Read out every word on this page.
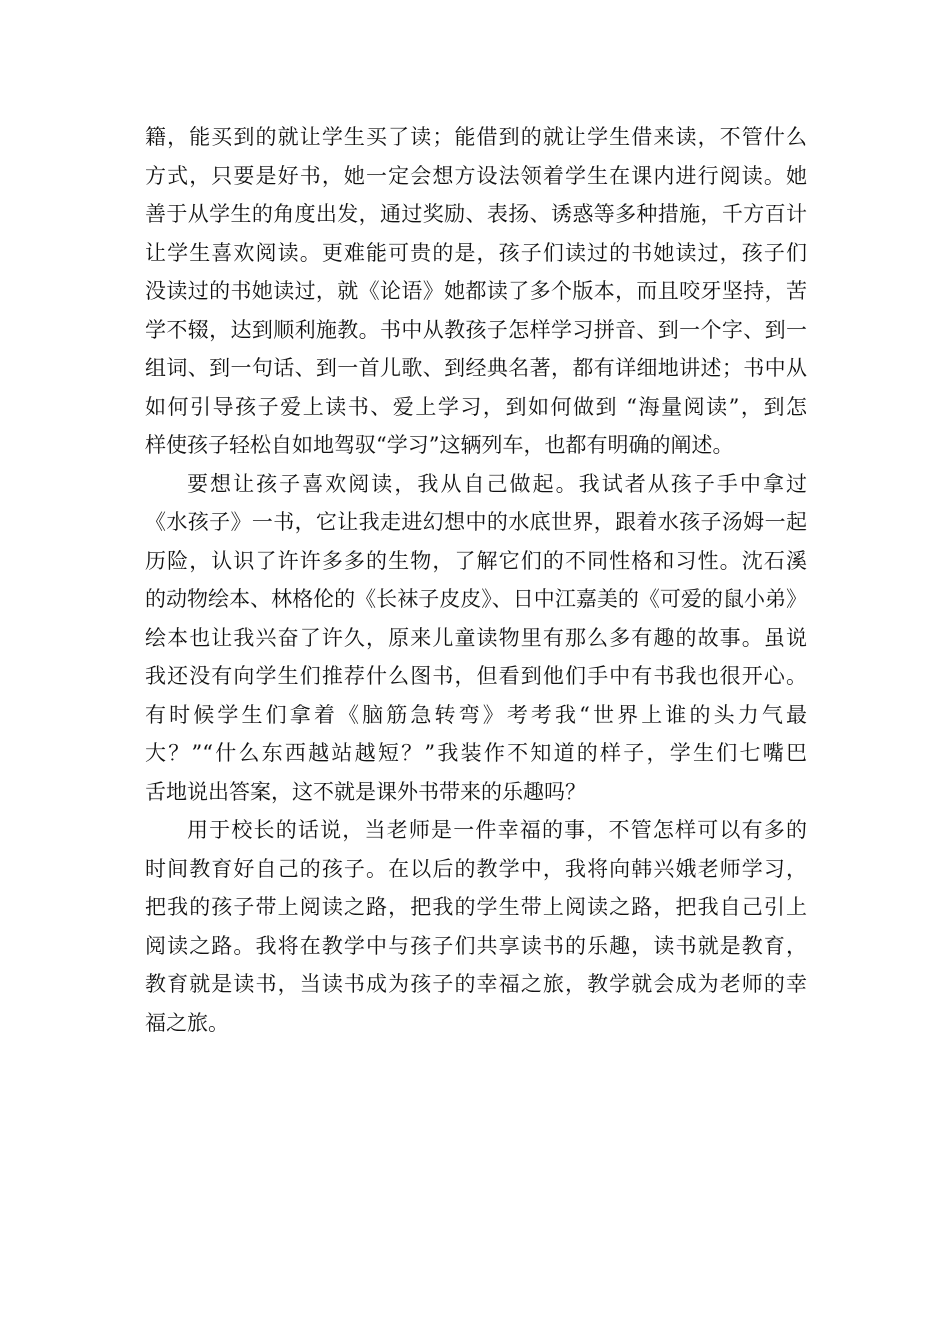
籍，能买到的就让学生买了读；能借到的就让学生借来读，不管什么
方式，只要是好书，她一定会想方设法领着学生在课内进行阅读。她
善于从学生的角度出发，通过奖励、表扬、诱惑等多种措施，千方百计
让学生喜欢阅读。更难能可贵的是，孩子们读过的书她读过，孩子们
没读过的书她读过，就《论语》她都读了多个版本，而且咬牙坚持，苦
学不辍，达到顺利施教。书中从教孩子怎样学习拼音、到一个字、到一
组词、到一句话、到一首儿歌、到经典名著，都有详细地讲述；书中从
如何引导孩子爱上读书、爱上学习，到如何做到 “海量阅读”，到怎
样使孩子轻松自如地驾驭“学习”这辆列车，也都有明确的阐述。
要想让孩子喜欢阅读，我从自己做起。我试者从孩子手中拿过
《水孩子》一书，它让我走进幻想中的水底世界，跟着水孩子汤姆一起
历险，认识了许许多多的生物，了解它们的不同性格和习性。沈石溪
的动物绘本、林格伦的《长袜子皮皮》、日中江嘉美的《可爱的鼠小弟》
绘本也让我兴奋了许久，原来儿童读物里有那么多有趣的故事。虽说
我还没有向学生们推荐什么图书，但看到他们手中有书我也很开心。
有时候学生们拿着《脑筋急转弯》考考我“世界上谁的头力气最
大？”“什么东西越站越短？”我装作不知道的样子，学生们七嘴巴
舌地说出答案，这不就是课外书带来的乐趣吗？
用于校长的话说，当老师是一件幸福的事，不管怎样可以有多的
时间教育好自己的孩子。在以后的教学中，我将向韩兴娥老师学习，
把我的孩子带上阅读之路，把我的学生带上阅读之路，把我自己引上
阅读之路。我将在教学中与孩子们共享读书的乐趣，读书就是教育，
教育就是读书，当读书成为孩子的幸福之旅，教学就会成为老师的幸
福之旅。
